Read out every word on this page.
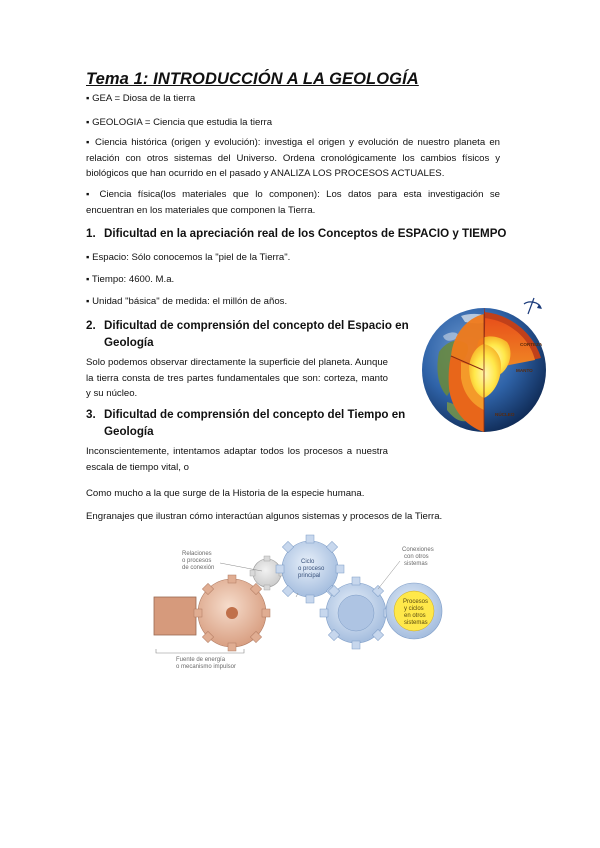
Tema 1: INTRODUCCIÓN A LA GEOLOGÍA

▪ GEA = Diosa de la tierra

▪ GEOLOGIA = Ciencia que estudia la tierra

▪ Ciencia histórica (origen y evolución): investiga el origen y evolución de nuestro planeta en relación con otros sistemas del Universo. Ordena cronológicamente los cambios físicos y biológicos que han ocurrido en el pasado y ANALIZA LOS PROCESOS ACTUALES.

▪ Ciencia física(los materiales que lo componen): Los datos para esta investigación se encuentran en los materiales que componen la Tierra.

1. Dificultad en la apreciación real de los Conceptos de ESPACIO y TIEMPO

▪ Espacio: Sólo conocemos la "piel de la Tierra".

▪ Tiempo: 4600. M.a.

▪ Unidad "básica" de medida: el millón de años.

2. Dificultad de comprensión del concepto del Espacio en
Geología

Solo podemos observar directamente la superficie del planeta. Aunque la tierra consta de tres partes fundamentales que son: corteza, manto y su núcleo.

3. Dificultad de comprensión del concepto del Tiempo en
Geología

Inconscientemente, intentamos adaptar todos los procesos a nuestra escala de tiempo vital, o

Como mucho a la que surge de la Historia de la especie humana.

Engranajes que ilustran cómo interactúan algunos sistemas y procesos de la Tierra.

CORTEZA
MANTO
NÚCLEO
Relaciones
o procesos
de conexión
Ciclo
o proceso
principal
Conexiones
con otros
sistemas
Procesos
y ciclos
en otros
sistemas
Fuente de energía
o mecanismo impulsor
